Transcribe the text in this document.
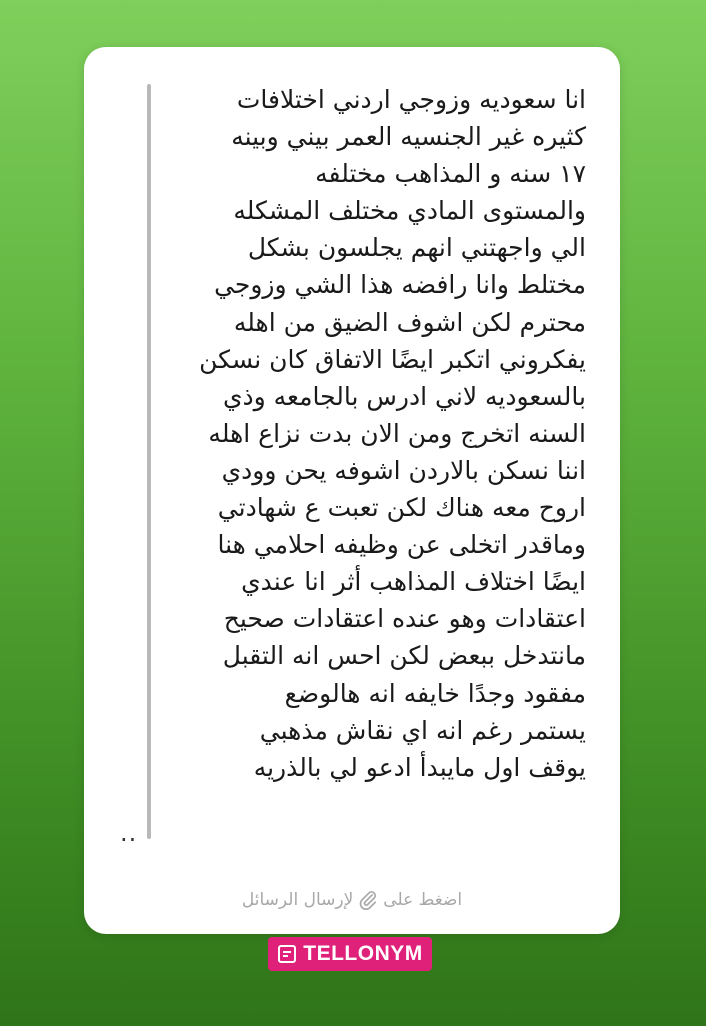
انا سعوديه وزوجي اردني اختلافات
كثيره غير الجنسيه العمر بيني وبينه
١٧ سنه و المذاهب مختلفه
والمستوى المادي مختلف المشكله
الي واجهتني انهم يجلسون بشكل
مختلط وانا رافضه هذا الشي وزوجي
محترم لكن اشوف الضيق من اهله
يفكروني اتكبر ايضًا الاتفاق كان نسكن
بالسعوديه لاني ادرس بالجامعه وذي
السنه اتخرج ومن الان بدت نزاع اهله
اننا نسكن بالاردن اشوفه يحن وودي
اروح معه هناك لكن تعبت ع شهادتي
وماقدر اتخلى عن وظيفه احلامي هنا
ايضًا اختلاف المذاهب أثر انا عندي
اعتقادات وهو عنده اعتقادات صحيح
مانتدخل ببعض لكن احس انه التقبل
مفقود وجدًا خايفه انه هالوضع
يستمر رغم انه اي نقاش مذهبي
يوقف اول مايبدأ ادعو لي بالذريه
..
اضغط على
لإرسال الرسائل
TELLONYM
